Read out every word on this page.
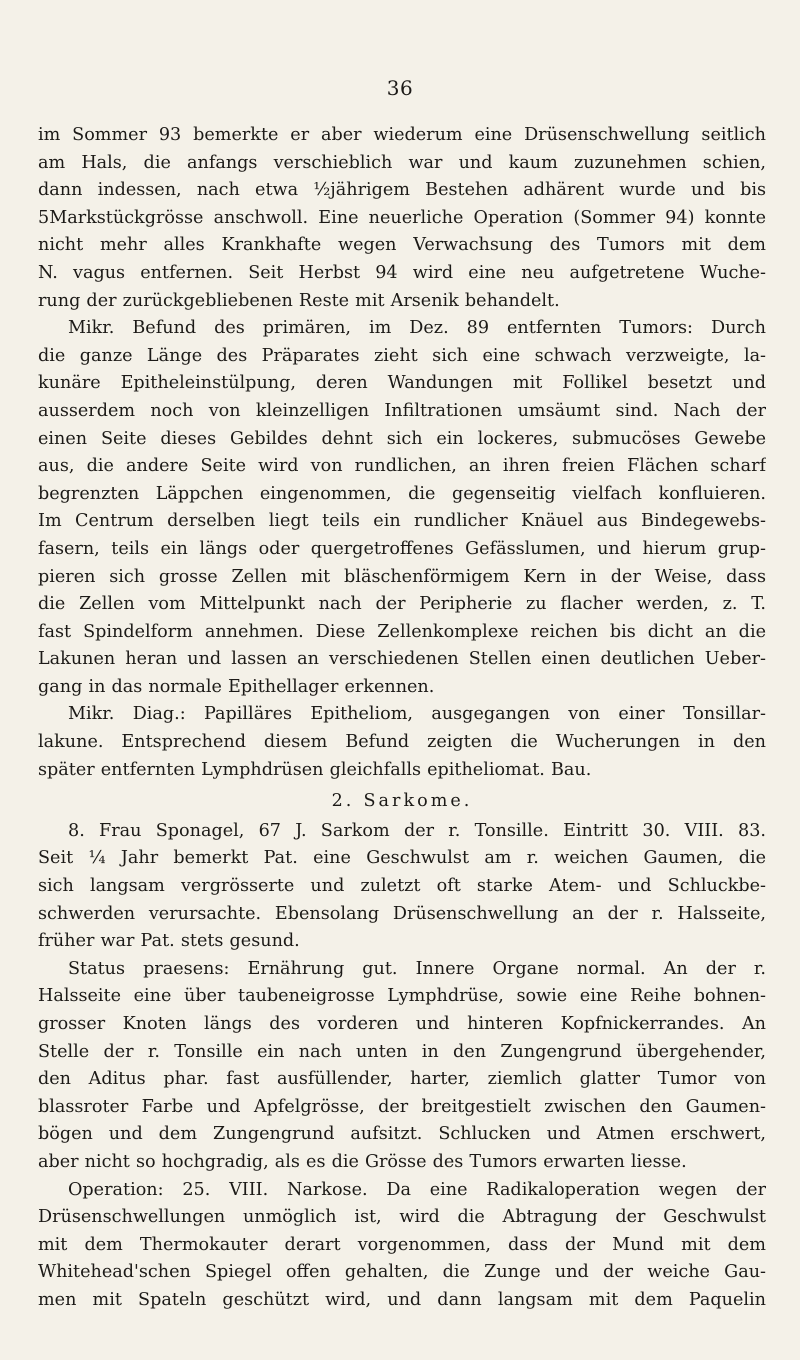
36
im Sommer 93 bemerkte er aber wiederum eine Drüsenschwellung seitlich
am Hals, die anfangs verschieblich war und kaum zuzunehmen schien,
dann indessen, nach etwa ½jährigem Bestehen adhärent wurde und bis
5Markstückgrösse anschwoll. Eine neuerliche Operation (Sommer 94) konnte
nicht mehr alles Krankhafte wegen Verwachsung des Tumors mit dem
N. vagus entfernen. Seit Herbst 94 wird eine neu aufgetretene Wuche-
rung der zurückgebliebenen Reste mit Arsenik behandelt.
Mikr. Befund des primären, im Dez. 89 entfernten Tumors: Durch
die ganze Länge des Präparates zieht sich eine schwach verzweigte, la-
kunäre Epitheleinstülpung, deren Wandungen mit Follikel besetzt und
ausserdem noch von kleinzelligen Infiltrationen umsäumt sind. Nach der
einen Seite dieses Gebildes dehnt sich ein lockeres, submucöses Gewebe
aus, die andere Seite wird von rundlichen, an ihren freien Flächen scharf
begrenzten Läppchen eingenommen, die gegenseitig vielfach konfluieren.
Im Centrum derselben liegt teils ein rundlicher Knäuel aus Bindegewebs-
fasern, teils ein längs oder quergetroffenes Gefässlumen, und hierum grup-
pieren sich grosse Zellen mit bläschenförmigem Kern in der Weise, dass
die Zellen vom Mittelpunkt nach der Peripherie zu flacher werden, z. T.
fast Spindelform annehmen. Diese Zellenkomplexe reichen bis dicht an die
Lakunen heran und lassen an verschiedenen Stellen einen deutlichen Ueber-
gang in das normale Epithellager erkennen.
Mikr. Diag.: Papilläres Epitheliom, ausgegangen von einer Tonsillar-
lakune. Entsprechend diesem Befund zeigten die Wucherungen in den
später entfernten Lymphdrüsen gleichfalls epitheliomat. Bau.
2. Sarkome.
8. Frau Sponagel, 67 J. Sarkom der r. Tonsille. Eintritt 30. VIII. 83.
Seit ¼ Jahr bemerkt Pat. eine Geschwulst am r. weichen Gaumen, die
sich langsam vergrösserte und zuletzt oft starke Atem- und Schluckbe-
schwerden verursachte. Ebensolang Drüsenschwellung an der r. Halsseite,
früher war Pat. stets gesund.
Status praesens: Ernährung gut. Innere Organe normal. An der r.
Halsseite eine über taubeneigrosse Lymphdrüse, sowie eine Reihe bohnen-
grosser Knoten längs des vorderen und hinteren Kopfnickerrandes. An
Stelle der r. Tonsille ein nach unten in den Zungengrund übergehender,
den Aditus phar. fast ausfüllender, harter, ziemlich glatter Tumor von
blassroter Farbe und Apfelgrösse, der breitgestielt zwischen den Gaumen-
bögen und dem Zungengrund aufsitzt. Schlucken und Atmen erschwert,
aber nicht so hochgradig, als es die Grösse des Tumors erwarten liesse.
Operation: 25. VIII. Narkose. Da eine Radikaloperation wegen der
Drüsenschwellungen unmöglich ist, wird die Abtragung der Geschwulst
mit dem Thermokauter derart vorgenommen, dass der Mund mit dem
Whitehead'schen Spiegel offen gehalten, die Zunge und der weiche Gau-
men mit Spateln geschützt wird, und dann langsam mit dem Paquelin
